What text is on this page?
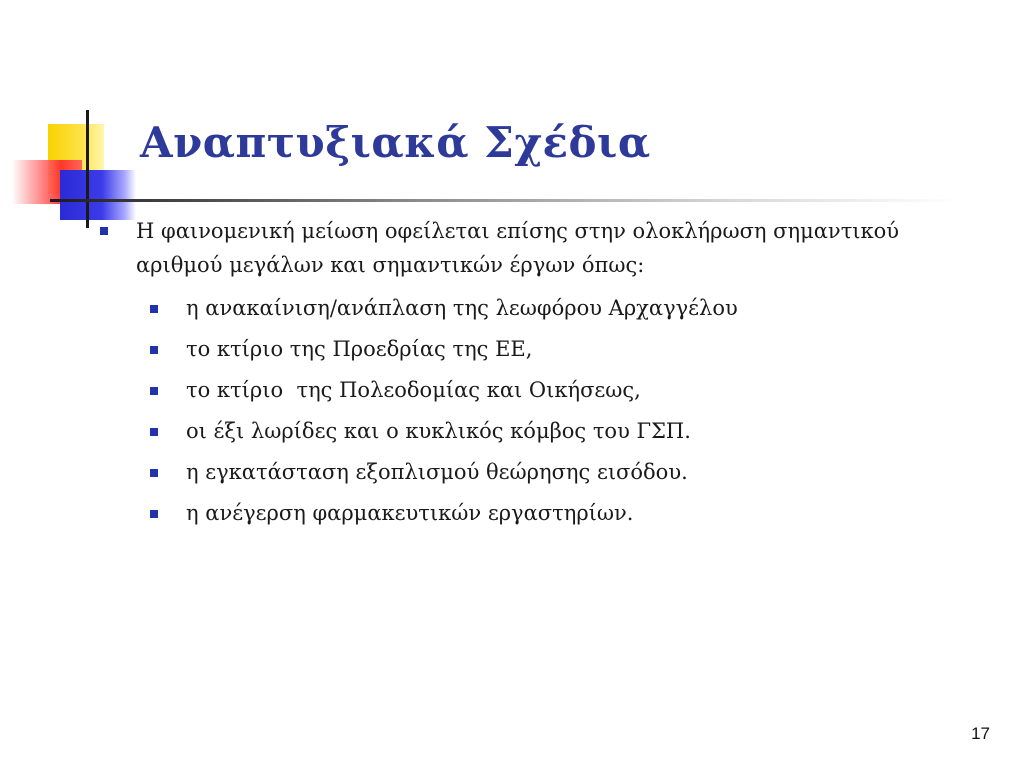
Αναπτυξιακά Σχέδια
Η φαινομενική μείωση οφείλεται επίσης στην ολοκλήρωση σημαντικού αριθμού μεγάλων και σημαντικών έργων όπως:
η ανακαίνιση/ανάπλαση της λεωφόρου Αρχαγγέλου
το κτίριο της Προεδρίας της ΕΕ,
το κτίριο  της Πολεοδομίας και Οικήσεως,
οι έξι λωρίδες και ο κυκλικός κόμβος του ΓΣΠ.
η εγκατάσταση εξοπλισμού θεώρησης εισόδου.
η ανέγερση φαρμακευτικών εργαστηρίων.
17
